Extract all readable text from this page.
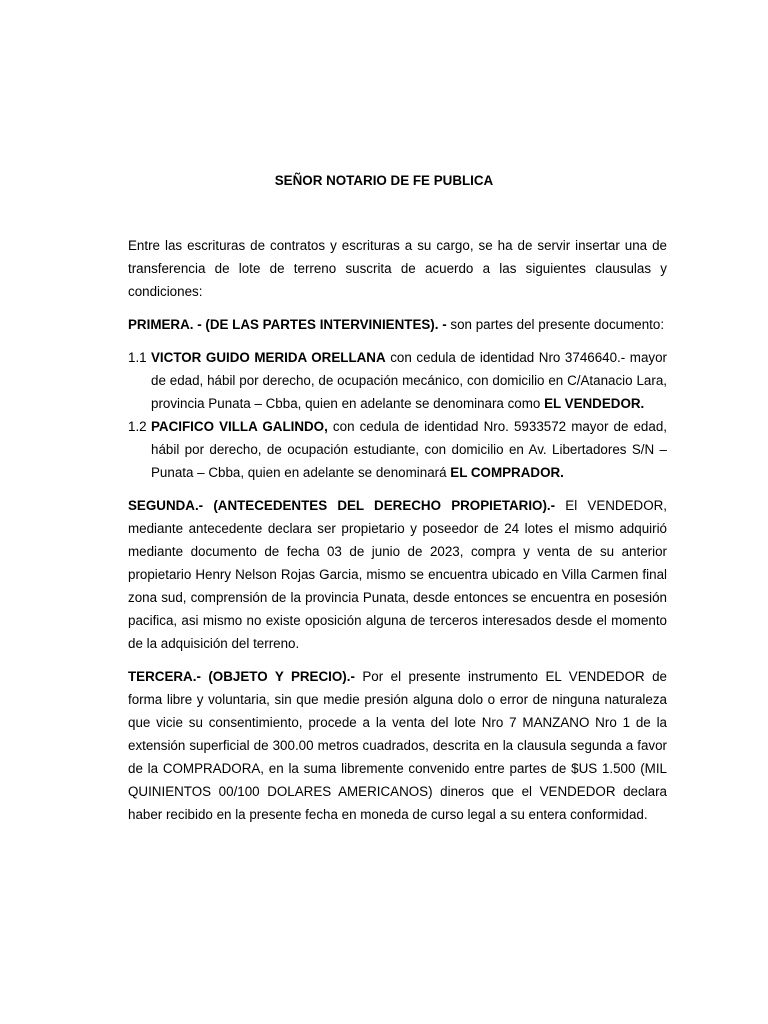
SEÑOR NOTARIO DE FE PUBLICA

Entre las escrituras de contratos y escrituras a su cargo, se ha de servir insertar una de transferencia de lote de terreno suscrita de acuerdo a las siguientes clausulas y condiciones:

PRIMERA. - (DE LAS PARTES INTERVINIENTES). - son partes del presente documento:

1.1 VICTOR GUIDO MERIDA ORELLANA con cedula de identidad Nro 3746640.- mayor de edad, hábil por derecho, de ocupación mecánico, con domicilio en C/Atanacio Lara, provincia Punata – Cbba, quien en adelante se denominara como EL VENDEDOR.
1.2 PACIFICO VILLA GALINDO, con cedula de identidad Nro. 5933572 mayor de edad, hábil por derecho, de ocupación estudiante, con domicilio en Av. Libertadores S/N – Punata – Cbba, quien en adelante se denominará EL COMPRADOR.

SEGUNDA.- (ANTECEDENTES DEL DERECHO PROPIETARIO).- El VENDEDOR, mediante antecedente declara ser propietario y poseedor de 24 lotes el mismo adquirió mediante documento de fecha 03 de junio de 2023, compra y venta de su anterior propietario Henry Nelson Rojas Garcia, mismo se encuentra ubicado en Villa Carmen final zona sud, comprensión de la provincia Punata, desde entonces se encuentra en posesión pacifica, asi mismo no existe oposición alguna de terceros interesados desde el momento de la adquisición del terreno.

TERCERA.- (OBJETO Y PRECIO).- Por el presente instrumento EL VENDEDOR de forma libre y voluntaria, sin que medie presión alguna dolo o error de ninguna naturaleza que vicie su consentimiento, procede a la venta del lote Nro 7 MANZANO Nro 1 de la extensión superficial de 300.00 metros cuadrados, descrita en la clausula segunda a favor de la COMPRADORA, en la suma libremente convenido entre partes de $US 1.500 (MIL QUINIENTOS 00/100 DOLARES AMERICANOS) dineros que el VENDEDOR declara haber recibido en la presente fecha en moneda de curso legal a su entera conformidad.
